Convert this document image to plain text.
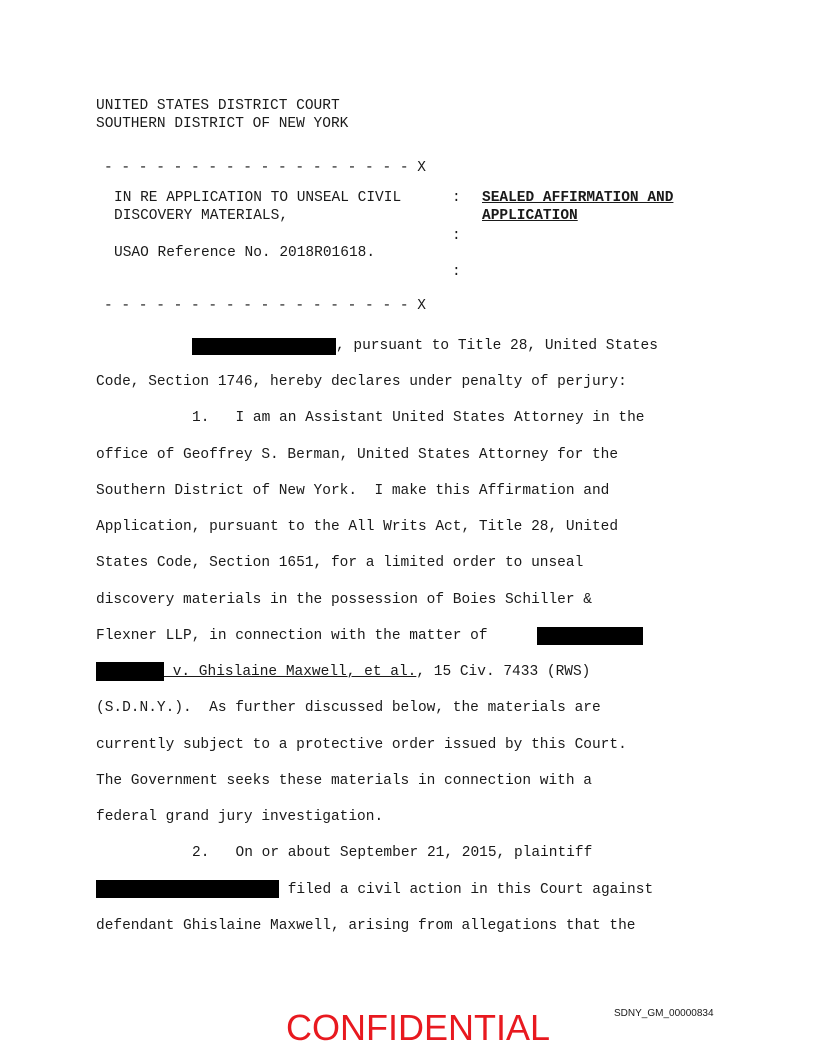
UNITED STATES DISTRICT COURT
SOUTHERN DISTRICT OF NEW YORK
- - - - - - - - - - - - - - - - - - X
IN RE APPLICATION TO UNSEAL CIVIL
DISCOVERY MATERIALS,
USAO Reference No. 2018R01618.
:
:
:
SEALED AFFIRMATION AND
APPLICATION
- - - - - - - - - - - - - - - - - - X
, pursuant to Title 28, United States
Code, Section 1746, hereby declares under penalty of perjury:
1.   I am an Assistant United States Attorney in the
office of Geoffrey S. Berman, United States Attorney for the
Southern District of New York.  I make this Affirmation and
Application, pursuant to the All Writs Act, Title 28, United
States Code, Section 1651, for a limited order to unseal
discovery materials in the possession of Boies Schiller &
Flexner LLP, in connection with the matter of
v. Ghislaine Maxwell, et al., 15 Civ. 7433 (RWS)
(S.D.N.Y.).  As further discussed below, the materials are
currently subject to a protective order issued by this Court.
The Government seeks these materials in connection with a
federal grand jury investigation.
2.   On or about September 21, 2015, plaintiff
filed a civil action in this Court against
defendant Ghislaine Maxwell, arising from allegations that the
CONFIDENTIAL	SDNY_GM_00000834
